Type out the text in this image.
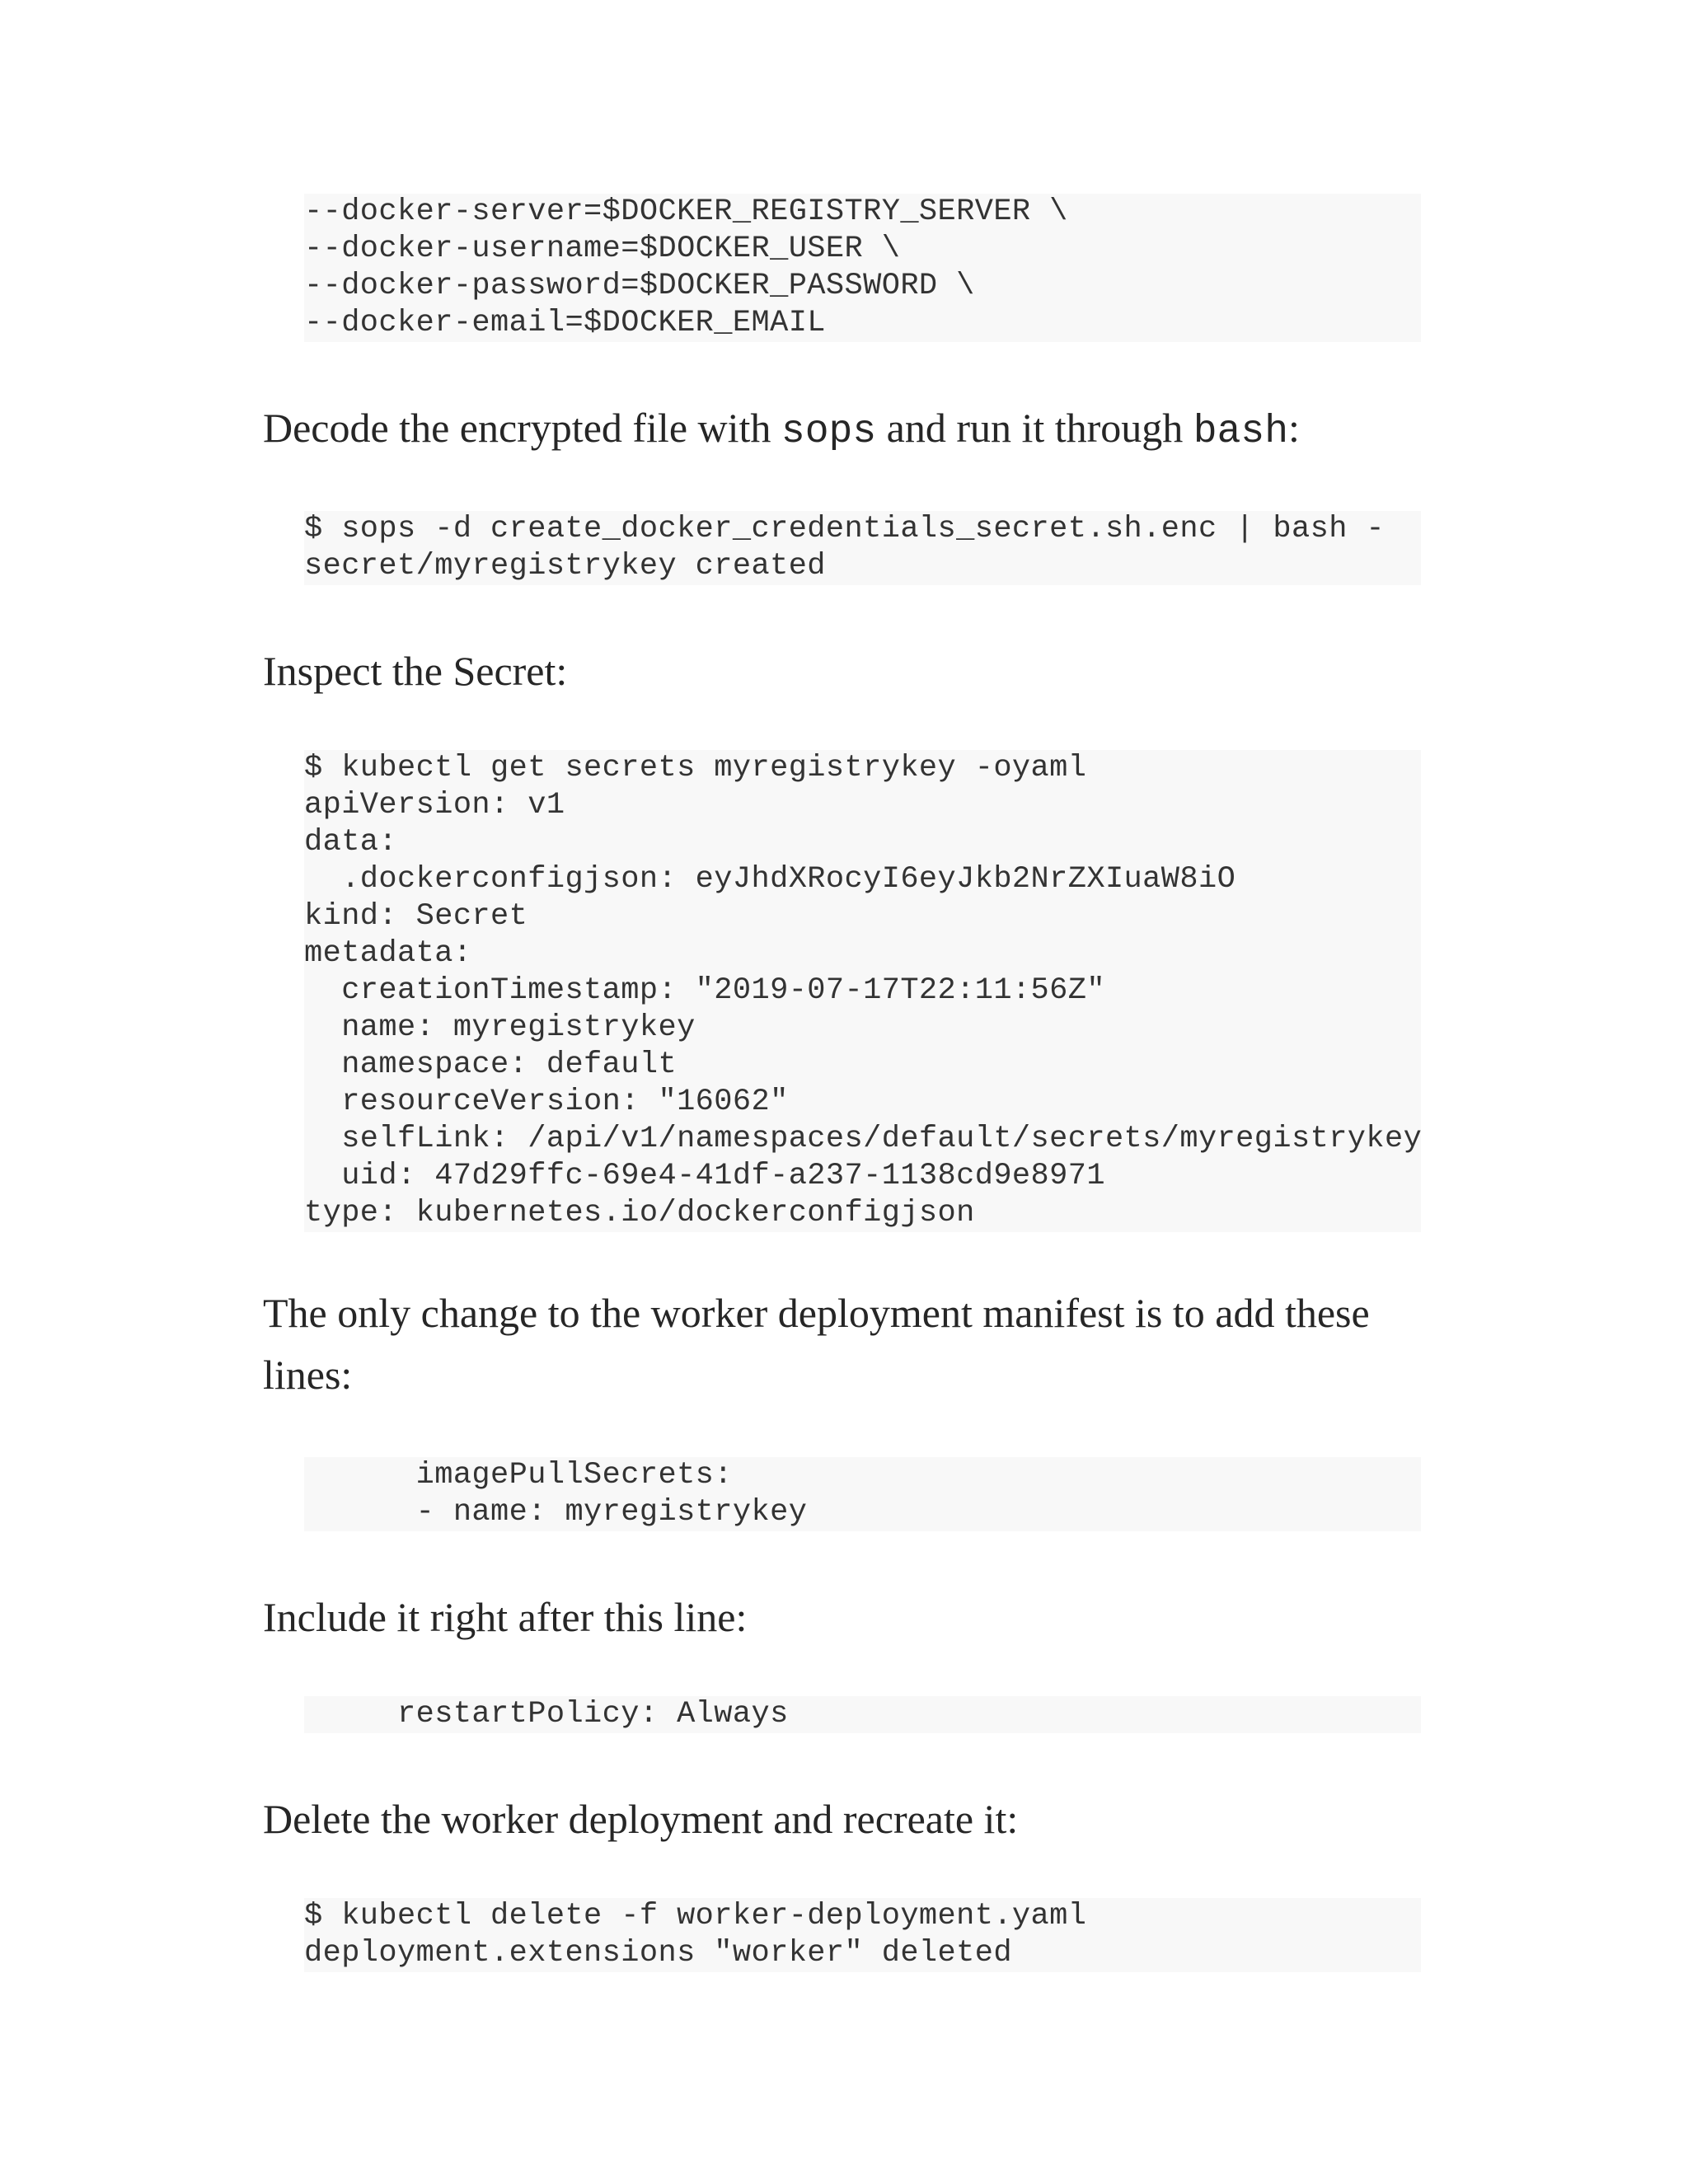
--docker-server=$DOCKER_REGISTRY_SERVER \
--docker-username=$DOCKER_USER \
--docker-password=$DOCKER_PASSWORD \
--docker-email=$DOCKER_EMAIL

Decode the encrypted file with sops and run it through bash:

$ sops -d create_docker_credentials_secret.sh.enc | bash -
secret/myregistrykey created

Inspect the Secret:

$ kubectl get secrets myregistrykey -oyaml
apiVersion: v1
data:
.dockerconfigjson: eyJhdXRocyI6eyJkb2NrZXIuaW8iO
kind: Secret
metadata:
creationTimestamp: "2019-07-17T22:11:56Z"
name: myregistrykey
namespace: default
resourceVersion: "16062"
selfLink: /api/v1/namespaces/default/secrets/myregistrykey
uid: 47d29ffc-69e4-41df-a237-1138cd9e8971
type: kubernetes.io/dockerconfigjson

The only change to the worker deployment manifest is to add these lines:

imagePullSecrets:
- name: myregistrykey

Include it right after this line:

restartPolicy: Always

Delete the worker deployment and recreate it:

$ kubectl delete -f worker-deployment.yaml
deployment.extensions "worker" deleted
